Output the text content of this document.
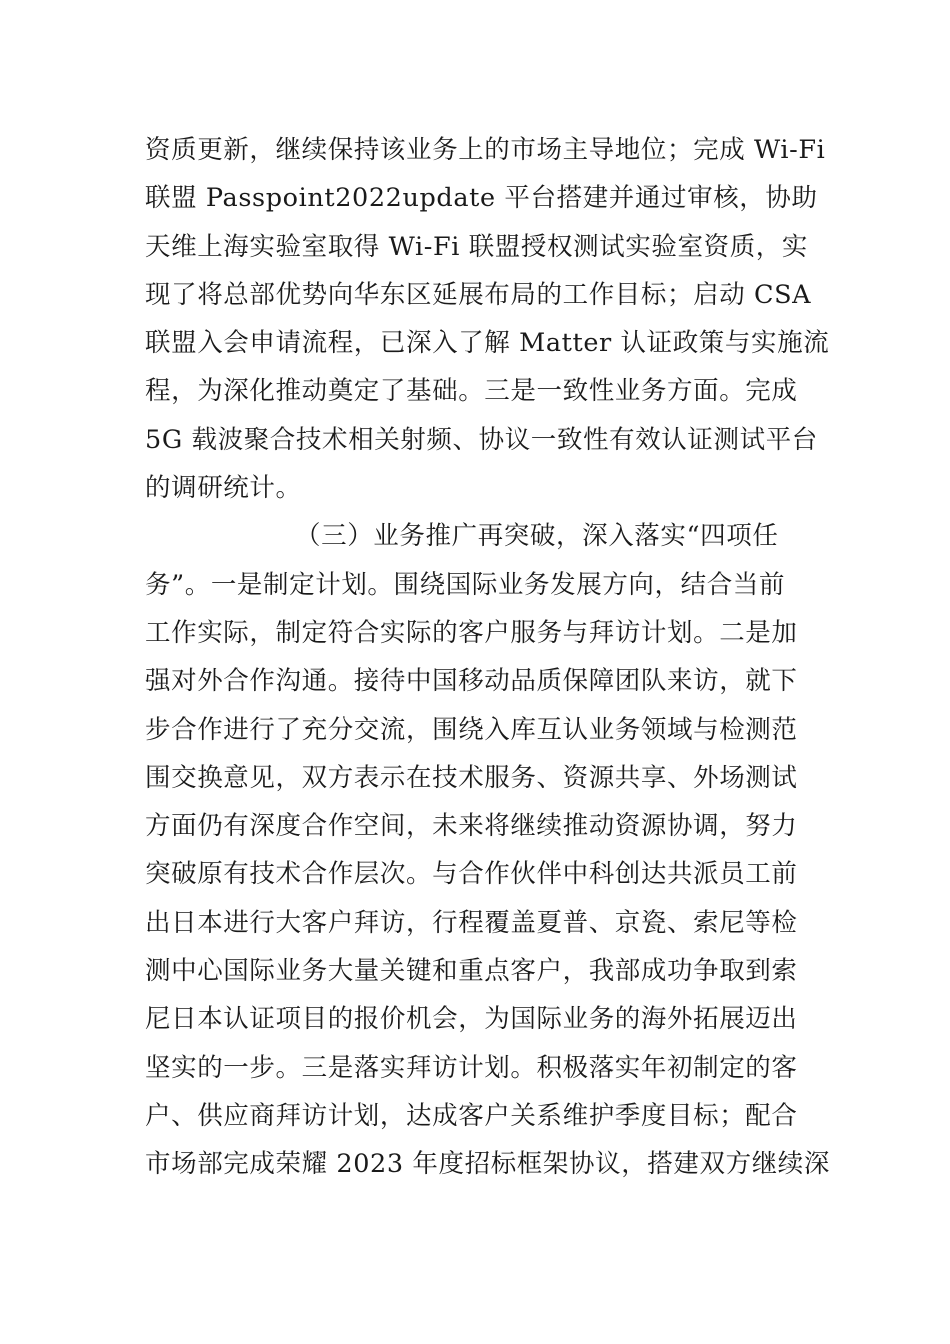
资质更新，继续保持该业务上的市场主导地位；完成 Wi-Fi
联盟 Passpoint2022update 平台搭建并通过审核，协助
天维上海实验室取得 Wi-Fi 联盟授权测试实验室资质，实
现了将总部优势向华东区延展布局的工作目标；启动 CSA
联盟入会申请流程，已深入了解 Matter 认证政策与实施流
程，为深化推动奠定了基础。三是一致性业务方面。完成
5G 载波聚合技术相关射频、协议一致性有效认证测试平台
的调研统计。
（三）业务推广再突破，深入落实“四项任
务”。一是制定计划。围绕国际业务发展方向，结合当前
工作实际，制定符合实际的客户服务与拜访计划。二是加
强对外合作沟通。接待中国移动品质保障团队来访，就下
步合作进行了充分交流，围绕入库互认业务领域与检测范
围交换意见，双方表示在技术服务、资源共享、外场测试
方面仍有深度合作空间，未来将继续推动资源协调，努力
突破原有技术合作层次。与合作伙伴中科创达共派员工前
出日本进行大客户拜访，行程覆盖夏普、京瓷、索尼等检
测中心国际业务大量关键和重点客户，我部成功争取到索
尼日本认证项目的报价机会，为国际业务的海外拓展迈出
坚实的一步。三是落实拜访计划。积极落实年初制定的客
户、供应商拜访计划，达成客户关系维护季度目标；配合
市场部完成荣耀 2023 年度招标框架协议，搭建双方继续深
